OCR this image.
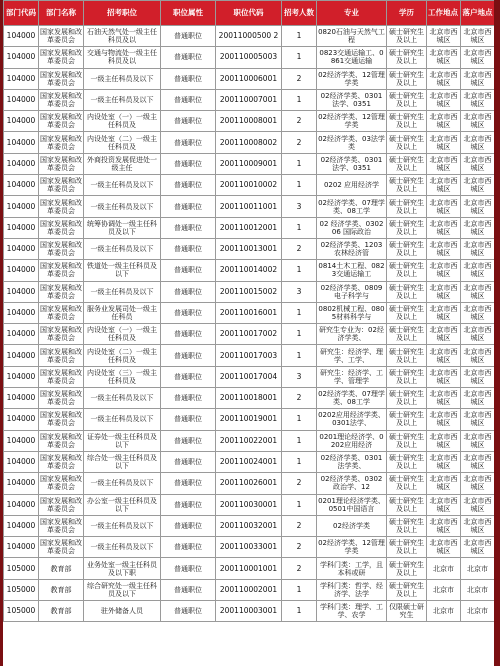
部门代码	部门名称	招考职位	职位属性	职位代码	招考人数	专业	学历	工作地点	落户地点
104000	国家发展和改革委员会	石油天然气处一级主任科员及以	普通职位	20011000500 2	1	0820石油与天然气工程	硕士研究生及以上	北京市西城区	北京市西城区
104000	国家发展和改革委员会	交通与物流处一级主任科员及以	普通职位	200110005003	1	0823交通运输工、0861交通运输	硕士研究生及以上	北京市西城区	北京市西城区
104000	国家发展和改革委员会	一级主任科员及以下	普通职位	200110006001	2	02经济学类、12管理学类	硕士研究生及以上	北京市西城区	北京市西城区
104000	国家发展和改革委员会	一级主任科员及以下	普通职位	200110007001	1	02经济学类、0301法学、0351	硕士研究生及以上	北京市西城区	北京市西城区
104000	国家发展和改革委员会	内设处室（一）一级主任科员及	普通职位	200110008001	2	02经济学类、12管理学类	硕士研究生及以上	北京市西城区	北京市西城区
104000	国家发展和改革委员会	内设处室（二）一级主任科员及	普通职位	200110008002	2	02经济学类、03法学类	硕士研究生及以上	北京市西城区	北京市西城区
104000	国家发展和改革委员会	外商投资发展促进处一级主任	普通职位	200110009001	1	02经济学类、0301法学、0351	硕士研究生及以上	北京市西城区	北京市西城区
104000	国家发展和改革委员会	一级主任科员及以下	普通职位	200110010002	1	0202 应用经济学	硕士研究生及以上	北京市西城区	北京市西城区
104000	国家发展和改革委员会	一级主任科员及以下	普通职位	200110011001	3	02经济学类、07理学类、08工学	硕士研究生及以上	北京市西城区	北京市西城区
104000	国家发展和改革委员会	统筹协调处一级主任科员及以下	普通职位	200110012001	1	02 经济学类、030206 国际政治	硕士研究生及以上	北京市西城区	北京市西城区
104000	国家发展和改革委员会	一级主任科员及以下	普通职位	200110013001	2	02经济学类、1203农林经济管	硕士研究生及以上	北京市西城区	北京市西城区
104000	国家发展和改革委员会	铁道处一级主任科员及以下	普通职位	200110014002	1	0814土木工程、0823交通运输工	硕士研究生及以上	北京市西城区	北京市西城区
104000	国家发展和改革委员会	一级主任科员及以下	普通职位	200110015002	3	02经济学类、0809电子科学与	硕士研究生及以上	北京市西城区	北京市西城区
104000	国家发展和改革委员会	服务业发展司处一级主任科员	普通职位	200110016001	1	0802机械工程、0805材料科学与	硕士研究生及以上	北京市西城区	北京市西城区
104000	国家发展和改革委员会	内设处室（一）一级主任科员及	普通职位	200110017002	1	研究生专业为：02经济学类、	硕士研究生及以上	北京市西城区	北京市西城区
104000	国家发展和改革委员会	内设处室（二）一级主任科员及	普通职位	200110017003	1	研究生：经济学、理学、工学、	硕士研究生及以上	北京市西城区	北京市西城区
104000	国家发展和改革委员会	内设处室（三）一级主任科员及	普通职位	200110017004	3	研究生：经济学、工学、管理学	硕士研究生及以上	北京市西城区	北京市西城区
104000	国家发展和改革委员会	一级主任科员及以下	普通职位	200110018001	2	02经济学类、07理学类、08工学	硕士研究生及以上	北京市西城区	北京市西城区
104000	国家发展和改革委员会	一级主任科员及以下	普通职位	200110019001	1	0202应用经济学类、0301法学、	硕士研究生及以上	北京市西城区	北京市西城区
104000	国家发展和改革委员会	证券处一级主任科员及以下	普通职位	200110022001	1	0201理论经济学、0202应用经济	硕士研究生及以上	北京市西城区	北京市西城区
104000	国家发展和改革委员会	综合处一级主任科员及以下	普通职位	200110024001	1	02经济学类、0301法学类、	硕士研究生及以上	北京市西城区	北京市西城区
104000	国家发展和改革委员会	一级主任科员及以下	普通职位	200110026001	2	02经济学类、0302政治学、12	硕士研究生及以上	北京市西城区	北京市西城区
104000	国家发展和改革委员会	办公室一级主任科员及以下	普通职位	200110030001	1	0201理论经济学类、0501中国语言	硕士研究生及以上	北京市西城区	北京市西城区
104000	国家发展和改革委员会	一级主任科员及以下	普通职位	200110032001	2	02经济学类	硕士研究生及以上	北京市西城区	北京市西城区
104000	国家发展和改革委员会	一级主任科员及以下	普通职位	200110033001	2	02经济学类、12管理学类	硕士研究生及以上	北京市西城区	北京市西城区
105000	教育部	业务处室一级主任科员及以下职	普通职位	200110001001	2	学科门类：工学，且本科或研	硕士研究生及以上	北京市	北京市
105000	教育部	综合研究处一级主任科员及以下	普通职位	200110002001	1	学科门类：哲学、经济学、法学	硕士研究生及以上	北京市	北京市
105000	教育部	驻外储备人员	普通职位	200110003001	1	学科门类：理学、工学、农学	仅限硕士研究生	北京市	北京市
